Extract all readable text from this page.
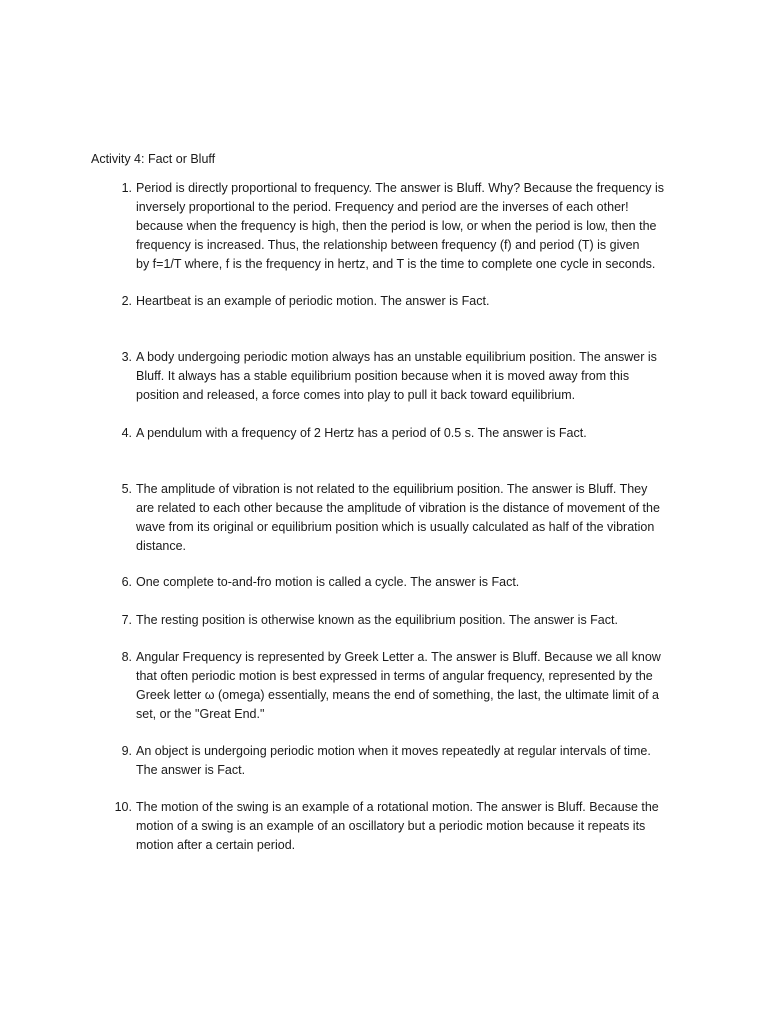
Activity 4: Fact or Bluff
1. Period is directly proportional to frequency. The answer is Bluff. Why? Because the frequency is
inversely proportional to the period. Frequency and period are the inverses of each other!
because when the frequency is high, then the period is low, or when the period is low, then the
frequency is increased. Thus, the relationship between frequency (f) and period (T) is given
by f=1/T where, f is the frequency in hertz, and T is the time to complete one cycle in seconds.
2. Heartbeat is an example of periodic motion. The answer is Fact.
3. A body undergoing periodic motion always has an unstable equilibrium position. The answer is
Bluff. It always has a stable equilibrium position because when it is moved away from this
position and released, a force comes into play to pull it back toward equilibrium.
4. A pendulum with a frequency of 2 Hertz has a period of 0.5 s. The answer is Fact.
5. The amplitude of vibration is not related to the equilibrium position. The answer is Bluff. They
are related to each other because the amplitude of vibration is the distance of movement of the
wave from its original or equilibrium position which is usually calculated as half of the vibration
distance.
6. One complete to-and-fro motion is called a cycle. The answer is Fact.
7. The resting position is otherwise known as the equilibrium position. The answer is Fact.
8. Angular Frequency is represented by Greek Letter a. The answer is Bluff. Because we all know
that often periodic motion is best expressed in terms of angular frequency, represented by the
Greek letter ω (omega) essentially, means the end of something, the last, the ultimate limit of a
set, or the "Great End."
9. An object is undergoing periodic motion when it moves repeatedly at regular intervals of time.
The answer is Fact.
10. The motion of the swing is an example of a rotational motion. The answer is Bluff. Because the
motion of a swing is an example of an oscillatory but a periodic motion because it repeats its
motion after a certain period.
